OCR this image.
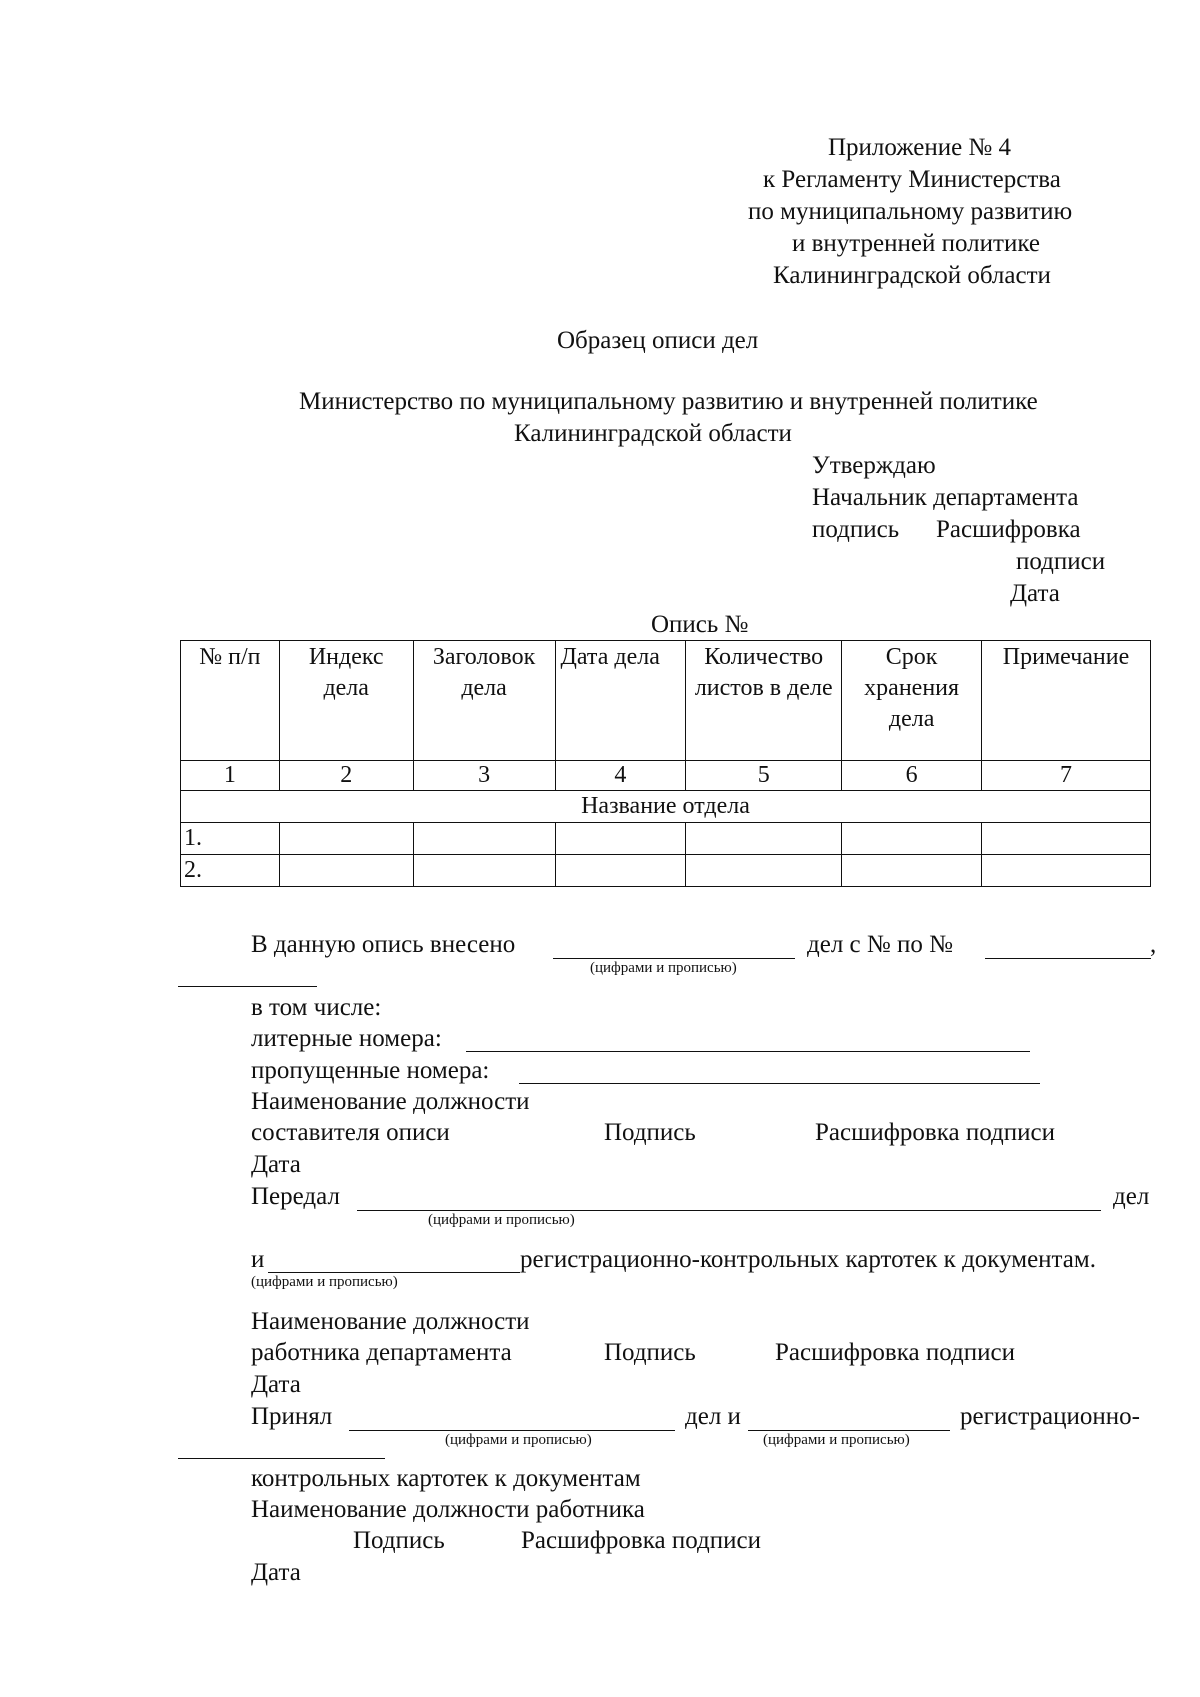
Приложение № 4
к Регламенту Министерства
по муниципальному развитию
и внутренней политике
Калининградской области
Образец описи дел
Министерство по муниципальному развитию и внутренней политике
Калининградской области
Утверждаю
Начальник департамента
подпись Расшифровка
подписи
Дата
Опись №
№ п/п	Индекс дела	Заголовок дела	Дата дела	Количество листов в деле	Срок хранения дела	Примечание
1	2	3	4	5	6	7
Название отдела						
1.						
2.						
В данную опись внесено
(цифрами и прописью)
дел с № по №	,
в том числе:
литерные номера:
пропущенные номера:
Наименование должности
составителя описи	Подпись	Расшифровка подписи
Дата
Передал	дел
(цифрами и прописью)
и	регистрационно-контрольных картотек к документам.
(цифрами и прописью)
Наименование должности
работника департамента	Подпись	Расшифровка подписи
Дата
Принял
(цифрами и прописью)
дел и
(цифрами и прописью)
регистрационно-
контрольных картотек к документам
Наименование должности работника
Подпись	Расшифровка подписи
Дата
